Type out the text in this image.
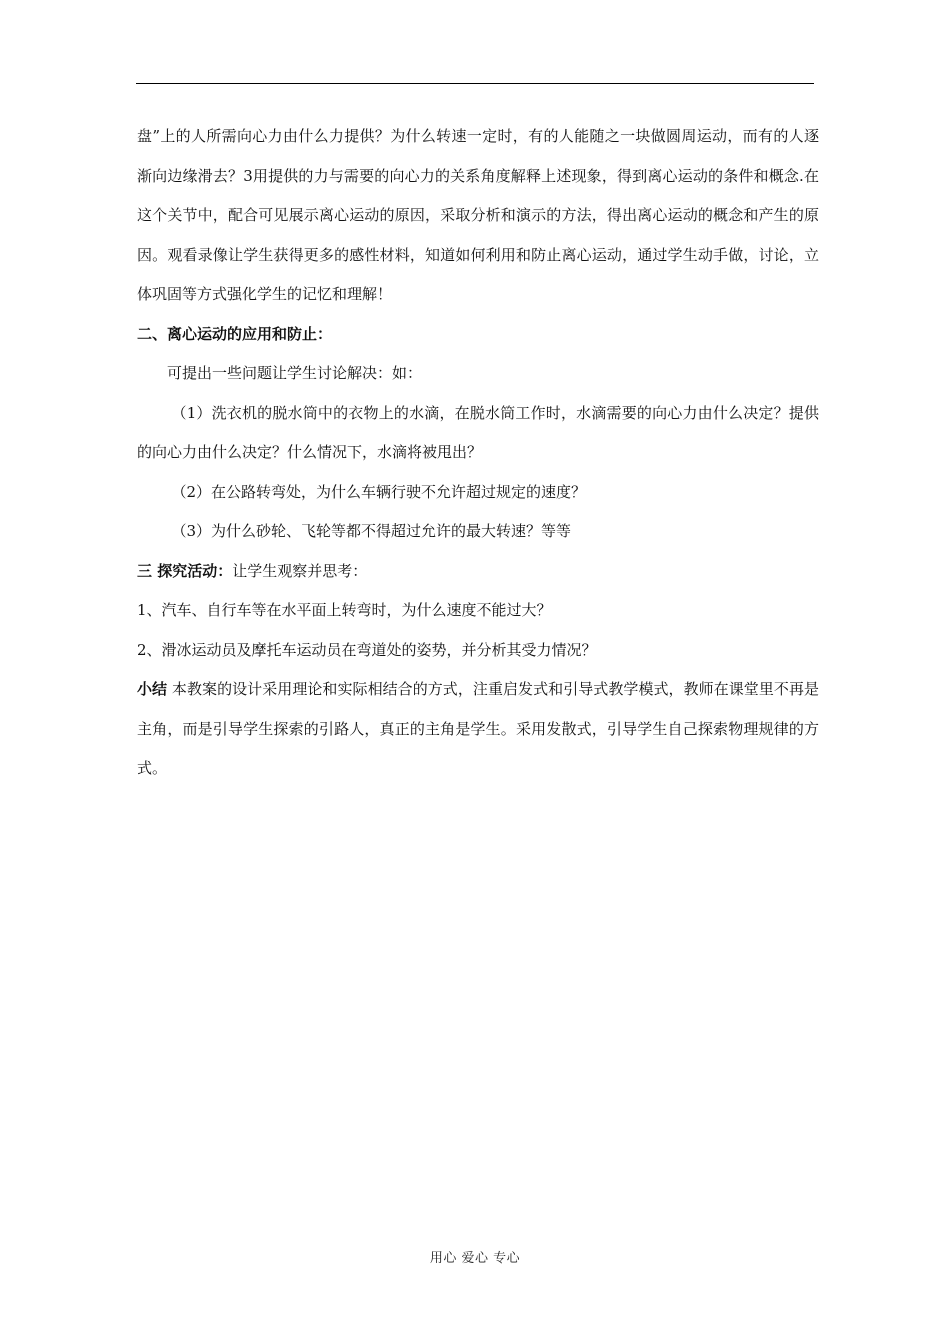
盘”上的人所需向心力由什么力提供？为什么转速一定时，有的人能随之一块做圆周运动，而有的人逐渐向边缘滑去？3用提供的力与需要的向心力的关系角度解释上述现象，得到离心运动的条件和概念.在这个关节中，配合可见展示离心运动的原因，采取分析和演示的方法，得出离心运动的概念和产生的原因。观看录像让学生获得更多的感性材料，知道如何利用和防止离心运动，通过学生动手做，讨论，立体巩固等方式强化学生的记忆和理解！

二、离心运动的应用和防止：

可提出一些问题让学生讨论解决：如：

（1）洗衣机的脱水筒中的衣物上的水滴，在脱水筒工作时，水滴需要的向心力由什么决定？提供的向心力由什么决定？什么情况下，水滴将被甩出？

（2）在公路转弯处，为什么车辆行驶不允许超过规定的速度？

（3）为什么砂轮、飞轮等都不得超过允许的最大转速？等等

三 探究活动：让学生观察并思考：

1、汽车、自行车等在水平面上转弯时，为什么速度不能过大？

2、滑冰运动员及摩托车运动员在弯道处的姿势，并分析其受力情况？

小结 本教案的设计采用理论和实际相结合的方式，注重启发式和引导式教学模式，教师在课堂里不再是主角，而是引导学生探索的引路人，真正的主角是学生。采用发散式，引导学生自己探索物理规律的方式。

用心 爱心 专心
